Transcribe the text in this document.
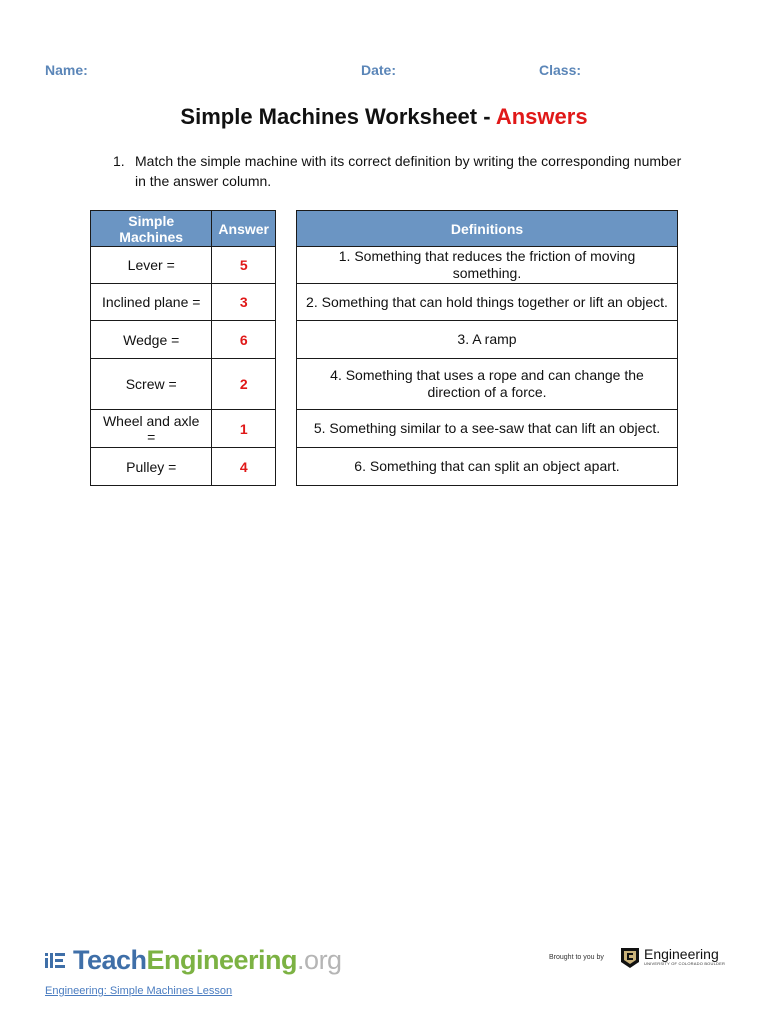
Name:	Date:	Class:
Simple Machines Worksheet - Answers
1. Match the simple machine with its correct definition by writing the corresponding number in the answer column.
Simple Machines	Answer
Lever =	5
Inclined plane =	3
Wedge =	6
Screw =	2
Wheel and axle =	1
Pulley =	4
Definitions
1. Something that reduces the friction of moving something.
2. Something that can hold things together or lift an object.
3. A ramp
4. Something that uses a rope and can change the direction of a force.
5. Something similar to a see-saw that can lift an object.
6. Something that can split an object apart.
Teach Engineering .org
Engineering: Simple Machines Lesson
Brought to you by	Engineering
UNIVERSITY OF COLORADO BOULDER
